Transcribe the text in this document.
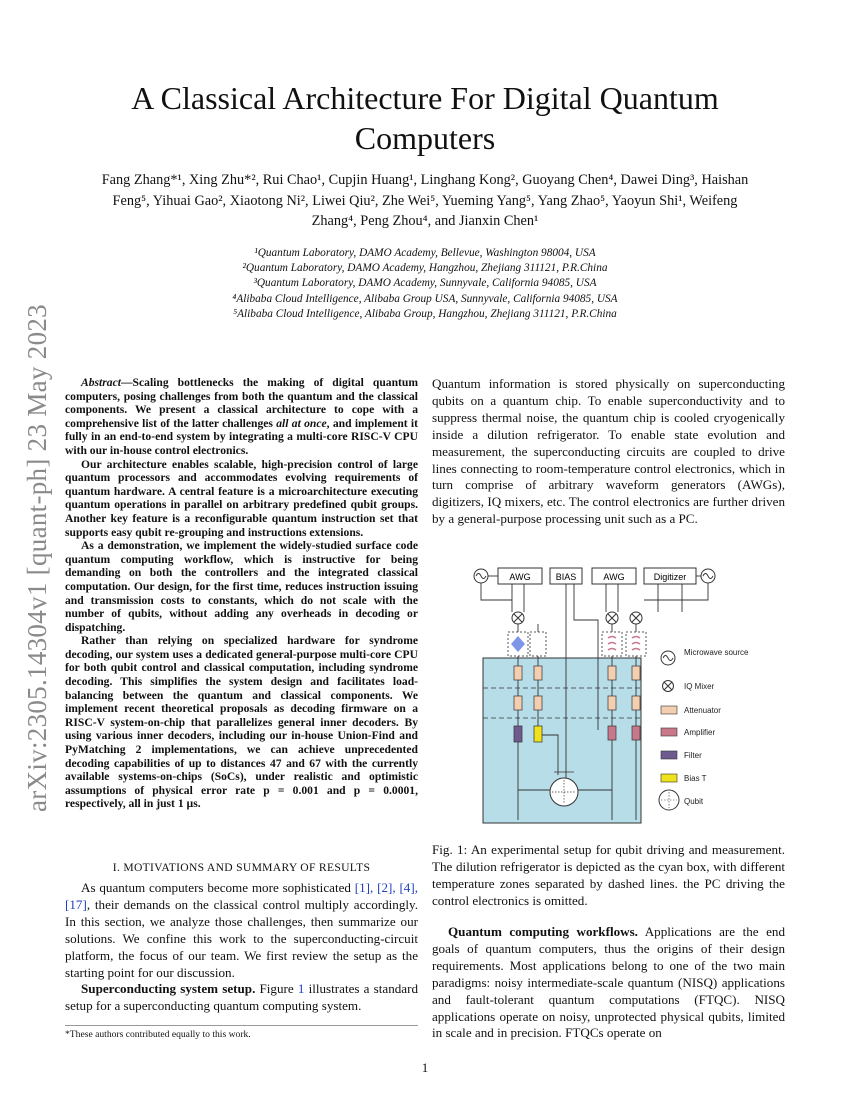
arXiv:2305.14304v1 [quant-ph] 23 May 2023
A Classical Architecture For Digital Quantum Computers
Fang Zhang*¹, Xing Zhu*², Rui Chao¹, Cupjin Huang¹, Linghang Kong², Guoyang Chen⁴, Dawei Ding³, Haishan
Feng⁵, Yihuai Gao², Xiaotong Ni², Liwei Qiu², Zhe Wei⁵, Yueming Yang⁵, Yang Zhao⁵, Yaoyun Shi¹, Weifeng
Zhang⁴, Peng Zhou⁴, and Jianxin Chen¹
¹Quantum Laboratory, DAMO Academy, Bellevue, Washington 98004, USA
²Quantum Laboratory, DAMO Academy, Hangzhou, Zhejiang 311121, P.R.China
³Quantum Laboratory, DAMO Academy, Sunnyvale, California 94085, USA
⁴Alibaba Cloud Intelligence, Alibaba Group USA, Sunnyvale, California 94085, USA
⁵Alibaba Cloud Intelligence, Alibaba Group, Hangzhou, Zhejiang 311121, P.R.China

Abstract—Scaling bottlenecks the making of digital quantum computers, posing challenges from both the quantum and the classical components. We present a classical architecture to cope with a comprehensive list of the latter challenges all at once, and implement it fully in an end-to-end system by integrating a multi-core RISC-V CPU with our in-house control electronics.

Our architecture enables scalable, high-precision control of large quantum processors and accommodates evolving requirements of quantum hardware. A central feature is a microarchitecture executing quantum operations in parallel on arbitrary predefined qubit groups. Another key feature is a reconfigurable quantum instruction set that supports easy qubit re-grouping and instructions extensions.

As a demonstration, we implement the widely-studied surface code quantum computing workflow, which is instructive for being demanding on both the controllers and the integrated classical computation. Our design, for the first time, reduces instruction issuing and transmission costs to constants, which do not scale with the number of qubits, without adding any overheads in decoding or dispatching.

Rather than relying on specialized hardware for syndrome decoding, our system uses a dedicated general-purpose multi-core CPU for both qubit control and classical computation, including syndrome decoding. This simplifies the system design and facilitates load-balancing between the quantum and classical components. We implement recent theoretical proposals as decoding firmware on a RISC-V system-on-chip that parallelizes general inner decoders. By using various inner decoders, including our in-house Union-Find and PyMatching 2 implementations, we can achieve unprecedented decoding capabilities of up to distances 47 and 67 with the currently available systems-on-chips (SoCs), under realistic and optimistic assumptions of physical error rate p = 0.001 and p = 0.0001, respectively, all in just 1 µs.

I. MOTIVATIONS AND SUMMARY OF RESULTS

As quantum computers become more sophisticated [1], [2], [4], [17], their demands on the classical control multiply accordingly. In this section, we analyze those challenges, then summarize our solutions. We confine this work to the superconducting-circuit platform, the focus of our team. We first review the setup as the starting point for our discussion.

Superconducting system setup. Figure 1 illustrates a standard setup for a superconducting quantum computing system.

*These authors contributed equally to this work.

Quantum information is stored physically on superconducting qubits on a quantum chip. To enable superconductivity and to suppress thermal noise, the quantum chip is cooled cryogenically inside a dilution refrigerator. To enable state evolution and measurement, the superconducting circuits are coupled to drive lines connecting to room-temperature control electronics, which in turn comprise of arbitrary waveform generators (AWGs), digitizers, IQ mixers, etc. The control electronics are further driven by a general-purpose processing unit such as a PC.

AWG	BIAS	AWG	Digitizer
Microwave source
IQ Mixer
Attenuator
Amplifier
Filter
Bias T
Qubit
Fig. 1: An experimental setup for qubit driving and measurement. The dilution refrigerator is depicted as the cyan box, with different temperature zones separated by dashed lines. the PC driving the control electronics is omitted.

Quantum computing workflows. Applications are the end goals of quantum computers, thus the origins of their design requirements. Most applications belong to one of the two main paradigms: noisy intermediate-scale quantum (NISQ) applications and fault-tolerant quantum computations (FTQC). NISQ applications operate on noisy, unprotected physical qubits, limited in scale and in precision. FTQCs operate on

1
